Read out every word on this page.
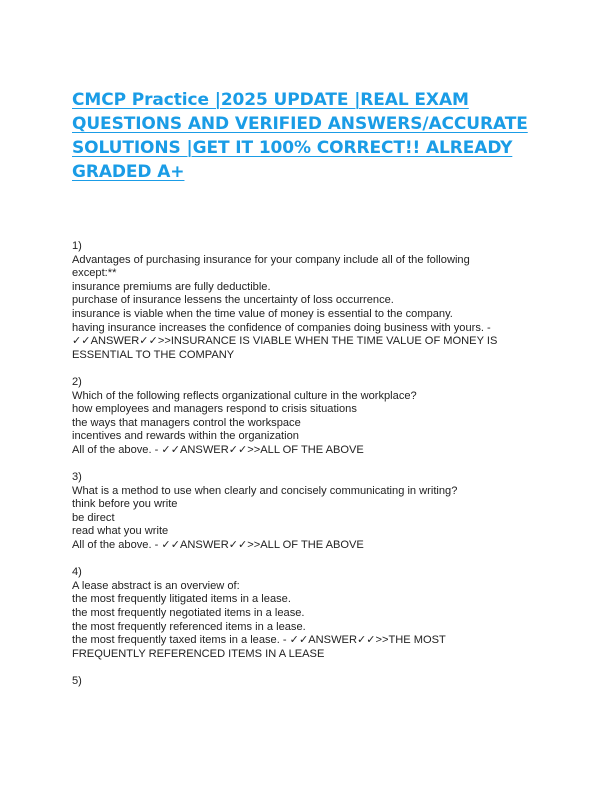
CMCP Practice |2025 UPDATE |REAL EXAM
QUESTIONS AND VERIFIED ANSWERS/ACCURATE
SOLUTIONS |GET IT 100% CORRECT!! ALREADY
GRADED A+
1)
Advantages of purchasing insurance for your company include all of the following
except:**
insurance premiums are fully deductible.
purchase of insurance lessens the uncertainty of loss occurrence.
insurance is viable when the time value of money is essential to the company.
having insurance increases the confidence of companies doing business with yours. -
✓✓ANSWER✓✓>>INSURANCE IS VIABLE WHEN THE TIME VALUE OF MONEY IS
ESSENTIAL TO THE COMPANY
2)
Which of the following reflects organizational culture in the workplace?
how employees and managers respond to crisis situations
the ways that managers control the workspace
incentives and rewards within the organization
All of the above. - ✓✓ANSWER✓✓>>ALL OF THE ABOVE
3)
What is a method to use when clearly and concisely communicating in writing?
think before you write
be direct
read what you write
All of the above. - ✓✓ANSWER✓✓>>ALL OF THE ABOVE
4)
A lease abstract is an overview of:
the most frequently litigated items in a lease.
the most frequently negotiated items in a lease.
the most frequently referenced items in a lease.
the most frequently taxed items in a lease. - ✓✓ANSWER✓✓>>THE MOST
FREQUENTLY REFERENCED ITEMS IN A LEASE
5)
